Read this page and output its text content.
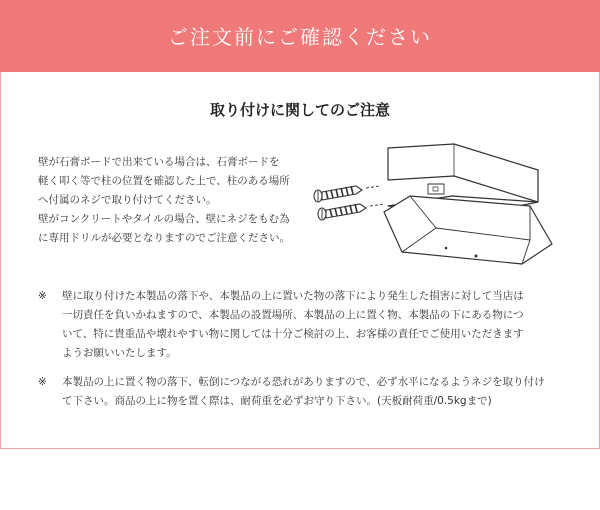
ご注文前にご確認ください
取り付けに関してのご注意
壁が石膏ボードで出来ている場合は、石膏ボードを
軽く叩く等で柱の位置を確認した上で、柱のある場所
へ付属のネジで取り付けてください。
壁がコンクリートやタイルの場合、壁にネジをもむ為
に専用ドリルが必要となりますのでご注意ください。
※ 壁に取り付けた本製品の落下や、本製品の上に置いた物の落下により発生した損害に対して当店は
一切責任を負いかねますので、本製品の設置場所、本製品の上に置く物、本製品の下にある物につ
いて、特に貴重品や壊れやすい物に関しては十分ご検討の上、お客様の責任でご使用いただきます
ようお願いいたします。
※ 本製品の上に置く物の落下、転倒につながる恐れがありますので、必ず水平になるようネジを取り付け
て下さい。商品の上に物を置く際は、耐荷重を必ずお守り下さい。(天板耐荷重/0.5kgまで)
